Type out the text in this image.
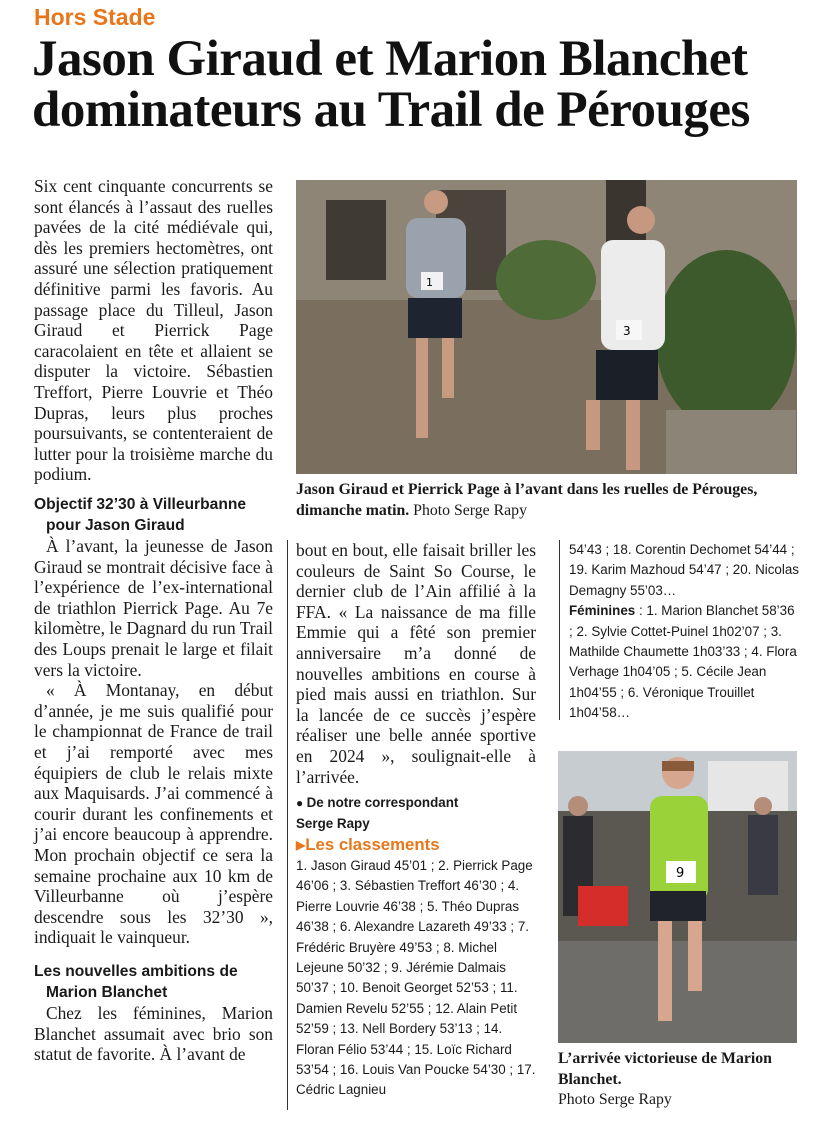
Hors Stade
Jason Giraud et Marion Blanchet dominateurs au Trail de Pérouges

Six cent cinquante concurrents se sont élancés à l’assaut des ruelles pavées de la cité médiévale qui, dès les premiers hectomètres, ont assuré une sélection pratiquement définitive parmi les favoris. Au passage place du Tilleul, Jason Giraud et Pierrick Page caracolaient en tête et allaient se disputer la victoire. Sébastien Treffort, Pierre Louvrie et Théo Dupras, leurs plus proches poursuivants, se contenteraient de lutter pour la troisième marche du podium.

Objectif 32’30 à Villeurbanne pour Jason Giraud

À l’avant, la jeunesse de Jason Giraud se montrait décisive face à l’expérience de l’ex-international de triathlon Pierrick Page. Au 7e kilomètre, le Dagnard du run Trail des Loups prenait le large et filait vers la victoire.

« À Montanay, en début d’année, je me suis qualifié pour le championnat de France de trail et j’ai remporté avec mes équipiers de club le relais mixte aux Maquisards. J’ai commencé à courir durant les confinements et j’ai encore beaucoup à apprendre. Mon prochain objectif ce sera la semaine prochaine aux 10 km de Villeurbanne où j’espère descendre sous les 32’30 », indiquait le vainqueur.

Les nouvelles ambitions de Marion Blanchet

Chez les féminines, Marion Blanchet assumait avec brio son statut de favorite. À l’avant de

1
3
Jason Giraud et Pierrick Page à l’avant dans les ruelles de Pérouges, dimanche matin. Photo Serge Rapy

bout en bout, elle faisait briller les couleurs de Saint So Course, le dernier club de l’Ain affilié à la FFA. « La naissance de ma fille Emmie qui a fêté son premier anniversaire m’a donné de nouvelles ambitions en course à pied mais aussi en triathlon. Sur la lancée de ce succès j’espère réaliser une belle année sportive en 2024 », soulignait-elle à l’arrivée.

● De notre correspondant
Serge Rapy
▶Les classements
1. Jason Giraud 45’01 ; 2. Pierrick Page 46’06 ; 3. Sébastien Treffort 46’30 ; 4. Pierre Louvrie 46’38 ; 5. Théo Dupras 46’38 ; 6. Alexandre Lazareth 49’33 ; 7. Frédéric Bruyère 49’53 ; 8. Michel Lejeune 50’32 ; 9. Jérémie Dalmais 50’37 ; 10. Benoit Georget 52’53 ; 11. Damien Revelu 52’55 ; 12. Alain Petit 52’59 ; 13. Nell Bordery 53’13 ; 14. Floran Félio 53’44 ; 15. Loïc Richard 53’54 ; 16. Louis Van Poucke 54’30 ; 17. Cédric Lagnieu
54’43 ; 18. Corentin Dechomet 54’44 ; 19. Karim Mazhoud 54’47 ; 20. Nicolas Demagny 55’03…
Féminines : 1. Marion Blanchet 58’36 ; 2. Sylvie Cottet-Puinel 1h02’07 ; 3. Mathilde Chaumette 1h03’33 ; 4. Flora Verhage 1h04’05 ; 5. Cécile Jean 1h04’55 ; 6. Véronique Trouillet 1h04’58…
9
L’arrivée victorieuse de Marion Blanchet.
Photo Serge Rapy
